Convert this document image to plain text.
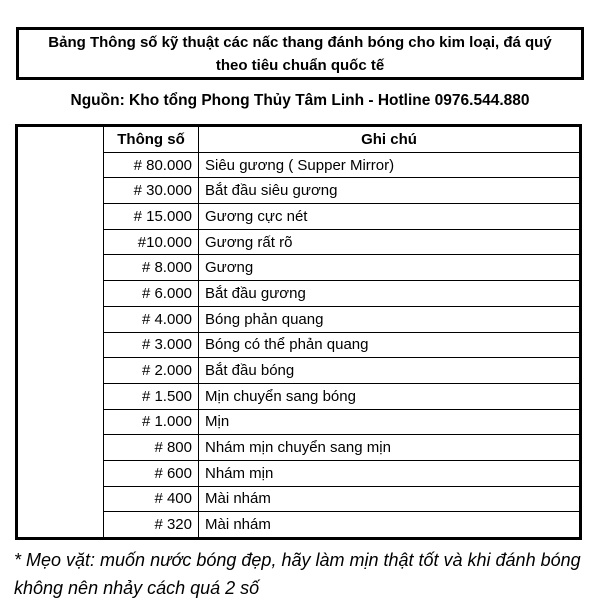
Bảng Thông số kỹ thuật các nấc thang đánh bóng cho kim loại, đá quý theo tiêu chuẩn quốc tế
Nguồn: Kho tổng Phong Thủy Tâm Linh - Hotline 0976.544.880
Thông số	Ghi chú
# 80.000 Siêu gương ( Supper Mirror)
# 30.000 Bắt đầu siêu gương
# 15.000 Gương cực nét
#10.000 Gương rất rõ
# 8.000 Gương
# 6.000 Bắt đầu gương
# 4.000 Bóng phản quang
# 3.000 Bóng có thể phản quang
# 2.000 Bắt đầu bóng
# 1.500 Mịn chuyển sang bóng
# 1.000 Mịn
# 800 Nhám mịn chuyển sang mịn
# 600 Nhám mịn
# 400 Mài nhám
# 320 Mài nhám
* Mẹo vặt: muốn nước bóng đẹp, hãy làm mịn thật tốt và khi đánh bóng không nên nhảy cách quá 2 số
